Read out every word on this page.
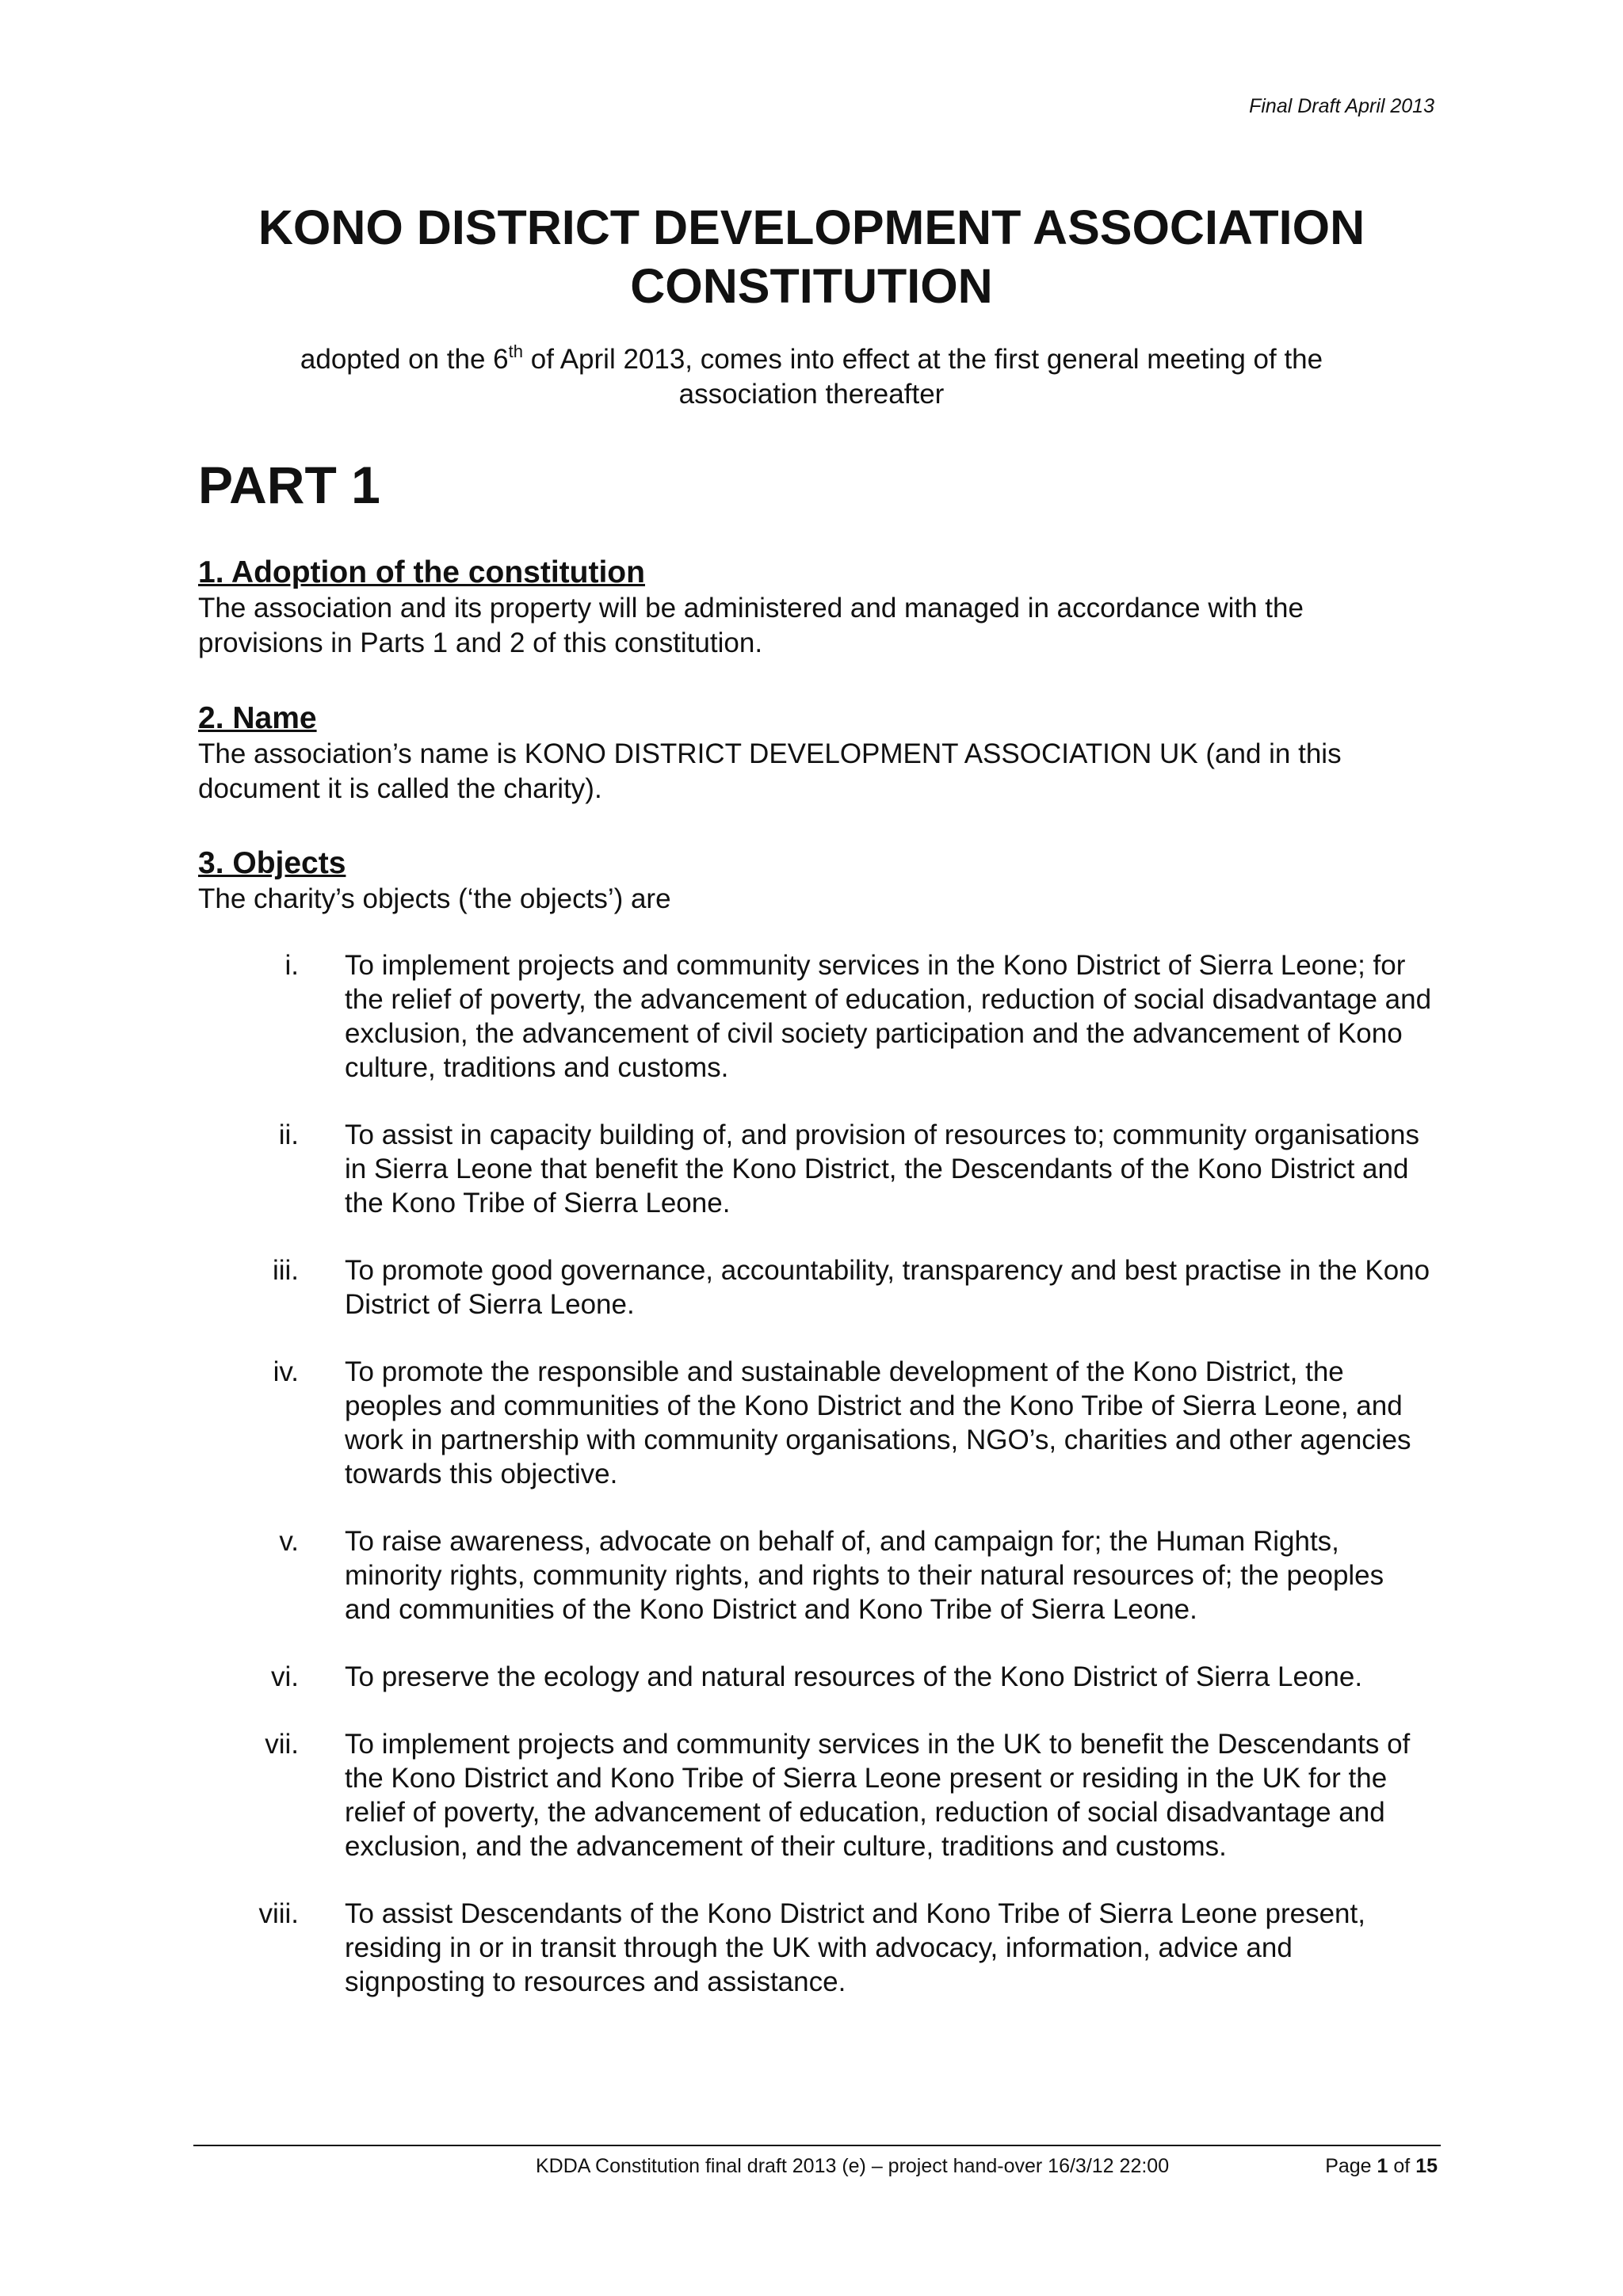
Final Draft April 2013
KONO DISTRICT DEVELOPMENT ASSOCIATION
CONSTITUTION
adopted on the 6th of April 2013, comes into effect at the first general meeting of the
association thereafter
PART 1
1. Adoption of the constitution

The association and its property will be administered and managed in accordance with the provisions in Parts 1 and 2 of this constitution.

2. Name

The association’s name is KONO DISTRICT DEVELOPMENT ASSOCIATION UK (and in this document it is called the charity).

3. Objects

The charity’s objects (‘the objects’) are

i. To implement projects and community services in the Kono District of Sierra Leone; for the relief of poverty, the advancement of education, reduction of social disadvantage and exclusion, the advancement of civil society participation and the advancement of Kono culture, traditions and customs.
ii. To assist in capacity building of, and provision of resources to; community organisations in Sierra Leone that benefit the Kono District, the Descendants of the Kono District and the Kono Tribe of Sierra Leone.
iii. To promote good governance, accountability, transparency and best practise in the Kono District of Sierra Leone.
iv. To promote the responsible and sustainable development of the Kono District, the peoples and communities of the Kono District and the Kono Tribe of Sierra Leone, and work in partnership with community organisations, NGO’s, charities and other agencies towards this objective.
v. To raise awareness, advocate on behalf of, and campaign for; the Human Rights, minority rights, community rights, and rights to their natural resources of; the peoples and communities of the Kono District and Kono Tribe of Sierra Leone.
vi. To preserve the ecology and natural resources of the Kono District of Sierra Leone.
vii. To implement projects and community services in the UK to benefit the Descendants of the Kono District and Kono Tribe of Sierra Leone present or residing in the UK for the relief of poverty, the advancement of education, reduction of social disadvantage and exclusion, and the advancement of their culture, traditions and customs.
viii. To assist Descendants of the Kono District and Kono Tribe of Sierra Leone present, residing in or in transit through the UK with advocacy, information, advice and signposting to resources and assistance.
KDDA Constitution final draft 2013 (e) – project hand-over 16/3/12 22:00	Page 1 of 15
